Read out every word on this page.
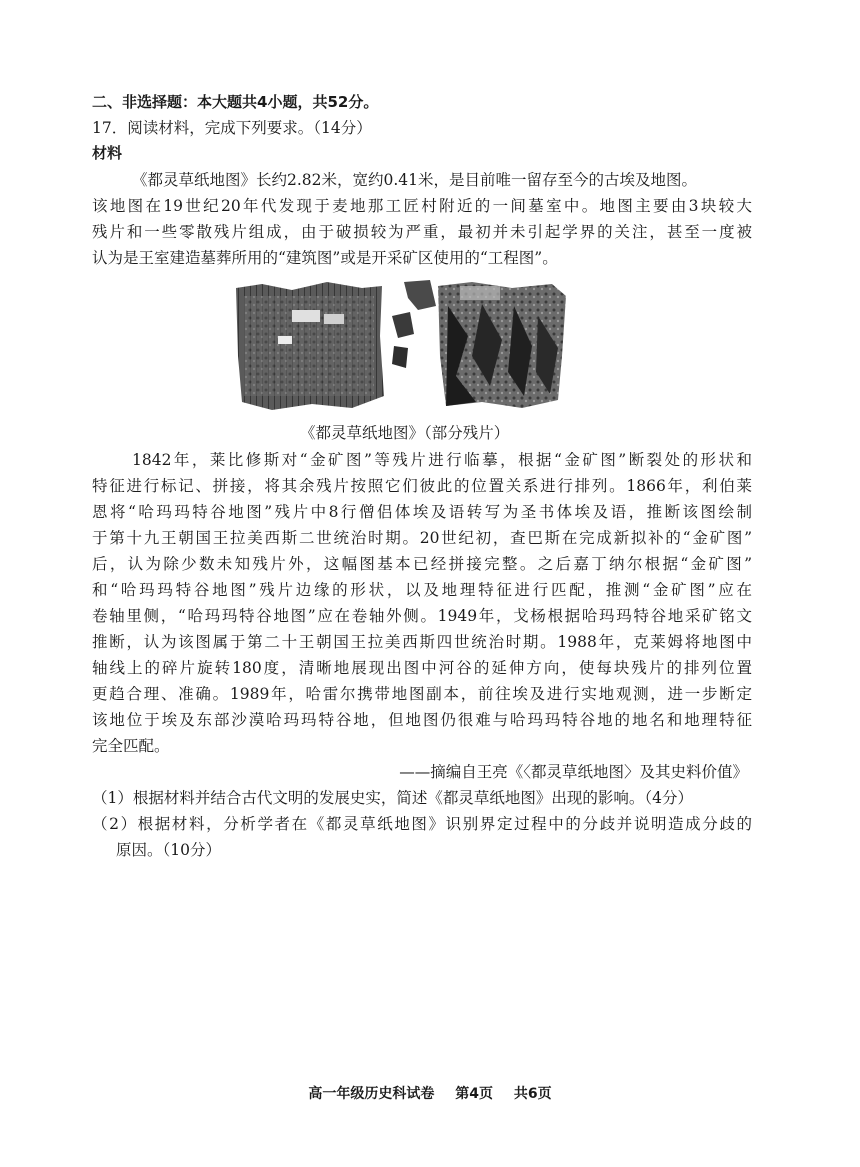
二、非选择题：本大题共4小题，共52分。
17．阅读材料，完成下列要求。（14分）
材料
《都灵草纸地图》长约2.82米，宽约0.41米，是目前唯一留存至今的古埃及地图。
该地图在19世纪20年代发现于麦地那工匠村附近的一间墓室中。地图主要由3块较大
残片和一些零散残片组成，由于破损较为严重，最初并未引起学界的关注，甚至一度被
认为是王室建造墓葬所用的“建筑图”或是开采矿区使用的“工程图”。
《都灵草纸地图》（部分残片）
1842年，莱比修斯对“金矿图”等残片进行临摹，根据“金矿图”断裂处的形状和
特征进行标记、拼接，将其余残片按照它们彼此的位置关系进行排列。1866年，利伯莱
恩将“哈玛玛特谷地图”残片中8行僧侣体埃及语转写为圣书体埃及语，推断该图绘制
于第十九王朝国王拉美西斯二世统治时期。20世纪初，查巴斯在完成新拟补的“金矿图”
后，认为除少数未知残片外，这幅图基本已经拼接完整。之后嘉丁纳尔根据“金矿图”
和“哈玛玛特谷地图”残片边缘的形状，以及地理特征进行匹配，推测“金矿图”应在
卷轴里侧，“哈玛玛特谷地图”应在卷轴外侧。1949年，戈杨根据哈玛玛特谷地采矿铭文
推断，认为该图属于第二十王朝国王拉美西斯四世统治时期。1988年，克莱姆将地图中
轴线上的碎片旋转180度，清晰地展现出图中河谷的延伸方向，使每块残片的排列位置
更趋合理、准确。1989年，哈雷尔携带地图副本，前往埃及进行实地观测，进一步断定
该地位于埃及东部沙漠哈玛玛特谷地，但地图仍很难与哈玛玛特谷地的地名和地理特征
完全匹配。
——摘编自王亮《〈都灵草纸地图〉及其史料价值》
（1）根据材料并结合古代文明的发展史实，简述《都灵草纸地图》出现的影响。（4分）
（2）根据材料，分析学者在《都灵草纸地图》识别界定过程中的分歧并说明造成分歧的
原因。（10分）
高一年级历史科试卷 第4页 共6页
